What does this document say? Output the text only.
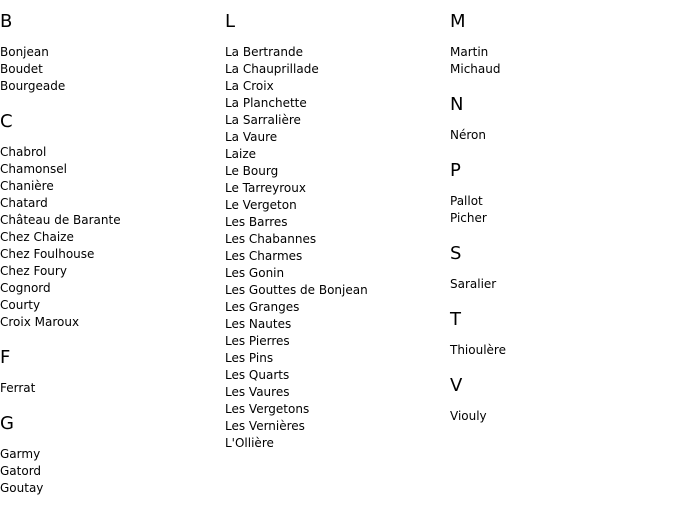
B
Bonjean
Boudet
Bourgeade
C
Chabrol
Chamonsel
Chanière
Chatard
Château de Barante
Chez Chaize
Chez Foulhouse
Chez Foury
Cognord
Courty
Croix Maroux
F
Ferrat
G
Garmy
Gatord
Goutay
L
La Bertrande
La Chauprillade
La Croix
La Planchette
La Sarralière
La Vaure
Laize
Le Bourg
Le Tarreyroux
Le Vergeton
Les Barres
Les Chabannes
Les Charmes
Les Gonin
Les Gouttes de Bonjean
Les Granges
Les Nautes
Les Pierres
Les Pins
Les Quarts
Les Vaures
Les Vergetons
Les Vernières
L'Ollière
M
Martin
Michaud
N
Néron
P
Pallot
Picher
S
Saralier
T
Thioulère
V
Viouly
